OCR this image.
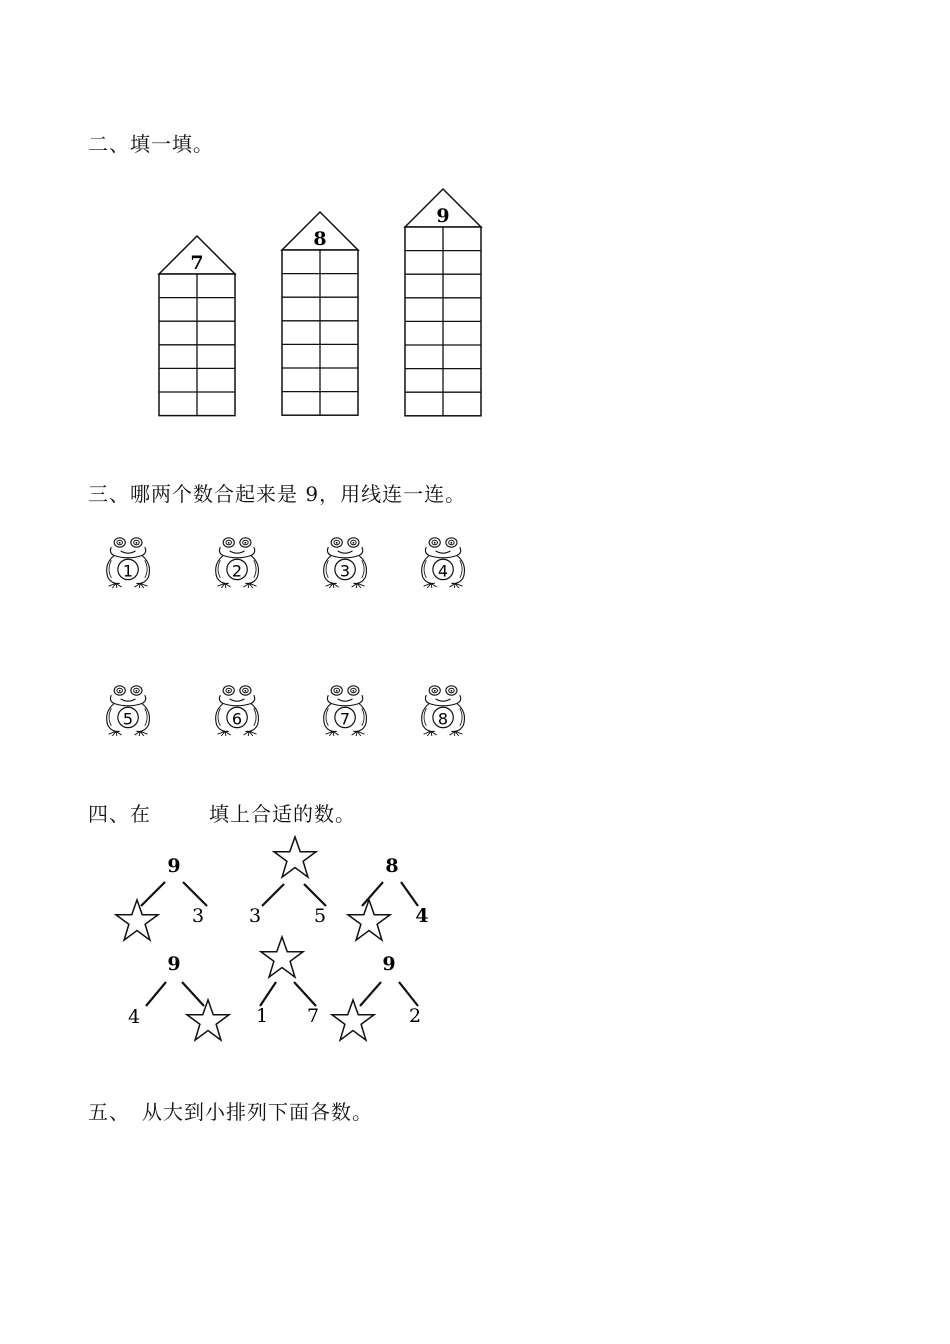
二、填一填。
三、哪两个数合起来是 9，用线连一连。
四、在	填上合适的数。
五、 从大到小排列下面各数。
7
8
9
1	2	3	4
5	6	7	8
9
3 3	5
8
4
9
4	1 7
9
2
